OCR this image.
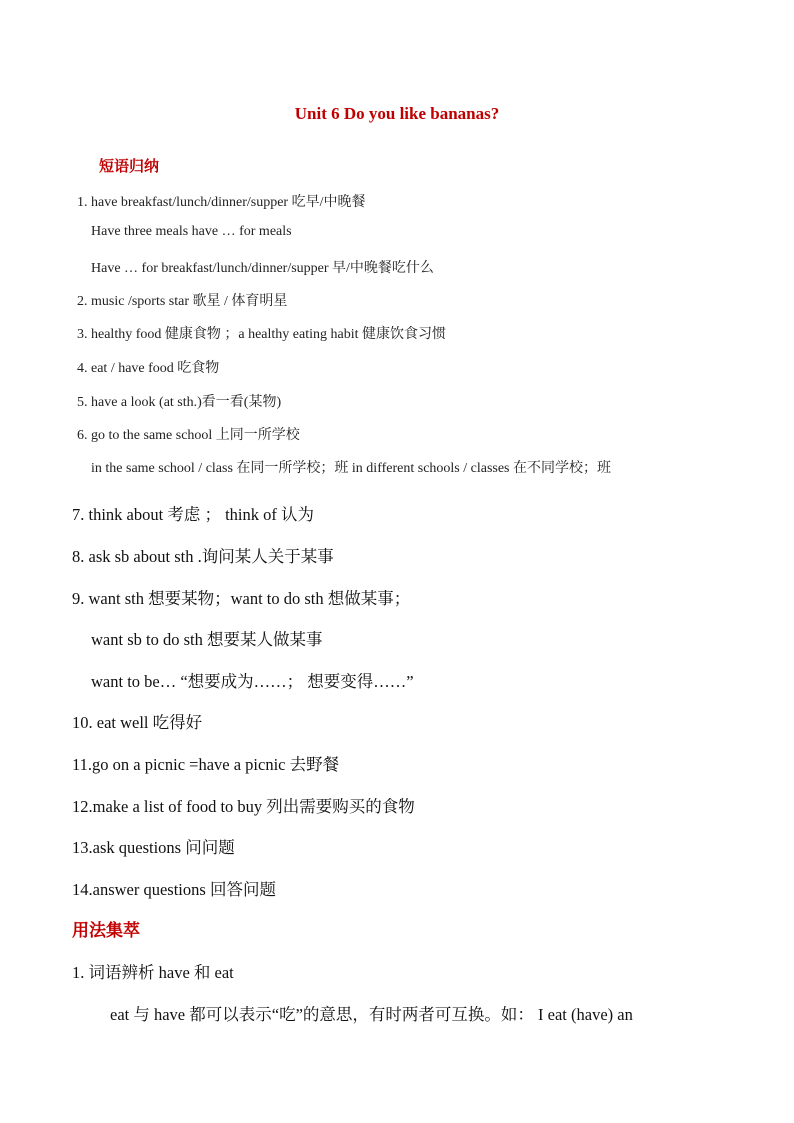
Unit 6 Do you like bananas?
短语归纳
1. have breakfast/lunch/dinner/supper 吃早/中晚餐
Have three meals have … for meals
Have … for breakfast/lunch/dinner/supper 早/中晚餐吃什么
2. music /sports star 歌星 / 体育明星
3. healthy food 健康食物 ；a healthy eating habit 健康饮食习惯
4. eat / have food 吃食物
5. have a look (at sth.)看一看(某物)
6. go to the same school 上同一所学校
in the same school / class 在同一所学校；班 in different schools / classes 在不同学校；班
7. think about 考虑 ； think of 认为
8. ask sb about sth .询问某人关于某事
9. want sth 想要某物；want to do sth 想做某事；
want sb to do sth 想要某人做某事
want to be… “想要成为……； 想要变得……”
10. eat well 吃得好
11.go on a picnic =have a picnic 去野餐
12.make a list of food to buy 列出需要购买的食物
13.ask questions 问问题
14.answer questions 回答问题
用法集萃
1. 词语辨析 have 和 eat
eat 与 have 都可以表示“吃”的意思，有时两者可互换。如： I eat (have) an
